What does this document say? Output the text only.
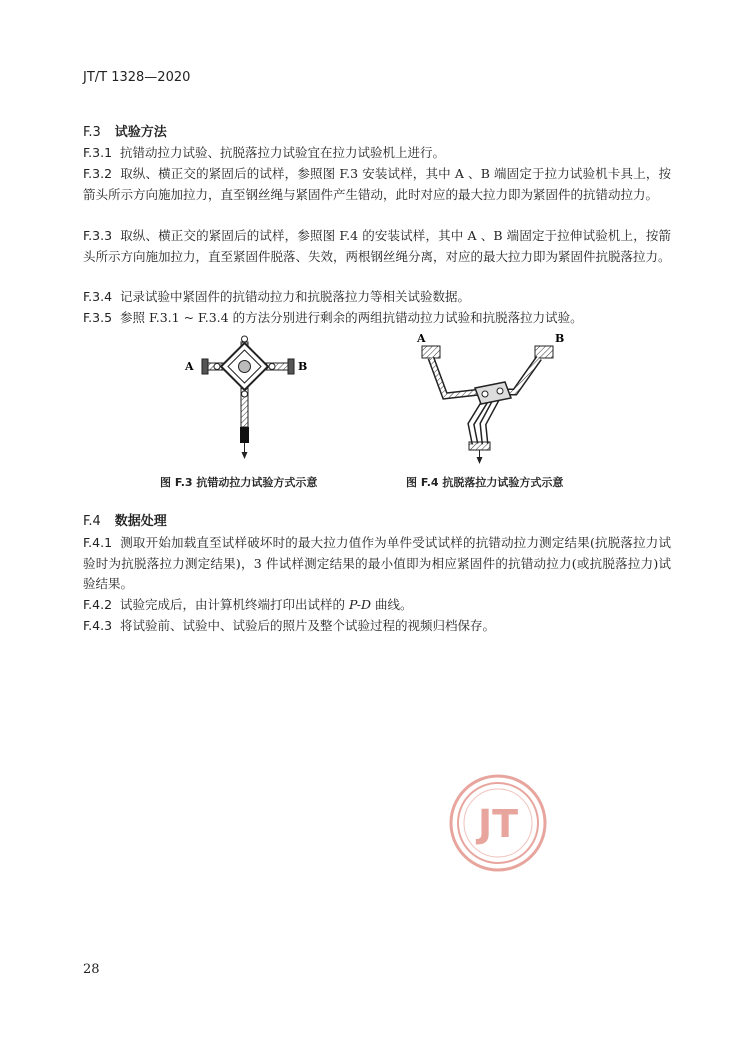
JT/T 1328—2020
F.3 试验方法
F.3.1 抗错动拉力试验、抗脱落拉力试验宜在拉力试验机上进行。
F.3.2 取纵、横正交的紧固后的试样，参照图 F.3 安装试样，其中 A 、B 端固定于拉力试验机卡具上，按箭头所示方向施加拉力，直至钢丝绳与紧固件产生错动，此时对应的最大拉力即为紧固件的抗错动拉力。
F.3.3 取纵、横正交的紧固后的试样，参照图 F.4 的安装试样，其中 A 、B 端固定于拉伸试验机上，按箭头所示方向施加拉力，直至紧固件脱落、失效，两根钢丝绳分离，对应的最大拉力即为紧固件抗脱落拉力。
F.3.4 记录试验中紧固件的抗错动拉力和抗脱落拉力等相关试验数据。
F.3.5 参照 F.3.1 ~ F.3.4 的方法分别进行剩余的两组抗错动拉力试验和抗脱落拉力试验。
A	B
A	B
图 F.3 抗错动拉力试验方式示意	图 F.4 抗脱落拉力试验方式示意
F.4 数据处理
F.4.1 测取开始加载直至试样破坏时的最大拉力值作为单件受试试样的抗错动拉力测定结果(抗脱落拉力试验时为抗脱落拉力测定结果)，3 件试样测定结果的最小值即为相应紧固件的抗错动拉力(或抗脱落拉力)试验结果。
F.4.2 试验完成后，由计算机终端打印出试样的 P-D 曲线。
F.4.3 将试验前、试验中、试验后的照片及整个试验过程的视频归档保存。
JT
28
